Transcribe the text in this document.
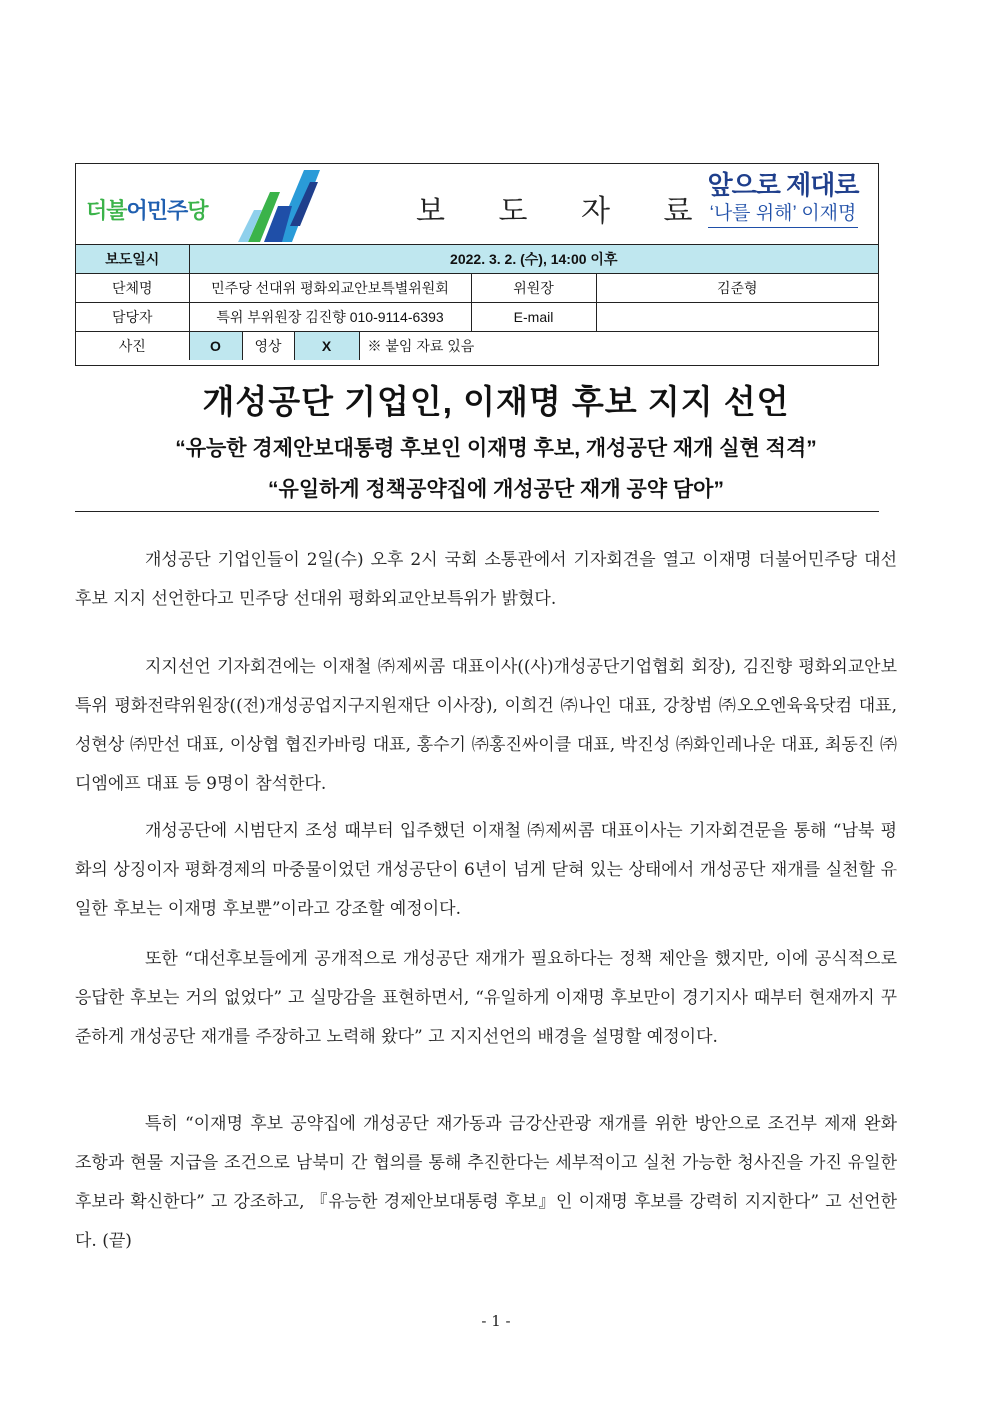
더불어민주당	보 도 자 료
앞으로 제대로
‘나를 위해’ 이재명
보도일시	2022. 3. 2. (수), 14:00 이후					
단체명	민주당 선대위 평화외교안보특별위원회				위원장	김준형
담당자	특위 부위원장 김진향 010-9114-6393				E-mail	
사진	O	영상	X	※ 붙임 자료 있음		
개성공단 기업인, 이재명 후보 지지 선언
“유능한 경제안보대통령 후보인 이재명 후보, 개성공단 재개 실현 적격”
“유일하게 정책공약집에 개성공단 재개 공약 담아”
개성공단 기업인들이 2일(수) 오후 2시 국회 소통관에서 기자회견을 열고 이재명 더불어민주당 대선 후보 지지 선언한다고 민주당 선대위 평화외교안보특위가 밝혔다.
지지선언 기자회견에는 이재철 ㈜제씨콤 대표이사((사)개성공단기업협회 회장), 김진향 평화외교안보특위 평화전략위원장((전)개성공업지구지원재단 이사장), 이희건 ㈜나인 대표, 강창범 ㈜오오엔육육닷컴 대표, 성현상 ㈜만선 대표, 이상협 협진카바링 대표, 홍수기 ㈜홍진싸이클 대표, 박진성 ㈜화인레나운 대표, 최동진 ㈜디엠에프 대표 등 9명이 참석한다.
개성공단에 시범단지 조성 때부터 입주했던 이재철 ㈜제씨콤 대표이사는 기자회견문을 통해 “남북 평화의 상징이자 평화경제의 마중물이었던 개성공단이 6년이 넘게 닫혀 있는 상태에서 개성공단 재개를 실천할 유일한 후보는 이재명 후보뿐”이라고 강조할 예정이다.
또한 “대선후보들에게 공개적으로 개성공단 재개가 필요하다는 정책 제안을 했지만, 이에 공식적으로 응답한 후보는 거의 없었다” 고 실망감을 표현하면서, “유일하게 이재명 후보만이 경기지사 때부터 현재까지 꾸준하게 개성공단 재개를 주장하고 노력해 왔다” 고 지지선언의 배경을 설명할 예정이다.
특히 “이재명 후보 공약집에 개성공단 재가동과 금강산관광 재개를 위한 방안으로 조건부 제재 완화 조항과 현물 지급을 조건으로 남북미 간 협의를 통해 추진한다는 세부적이고 실천 가능한 청사진을 가진 유일한 후보라 확신한다” 고 강조하고, 『유능한 경제안보대통령 후보』인 이재명 후보를 강력히 지지한다” 고 선언한다. (끝)
- 1 -
